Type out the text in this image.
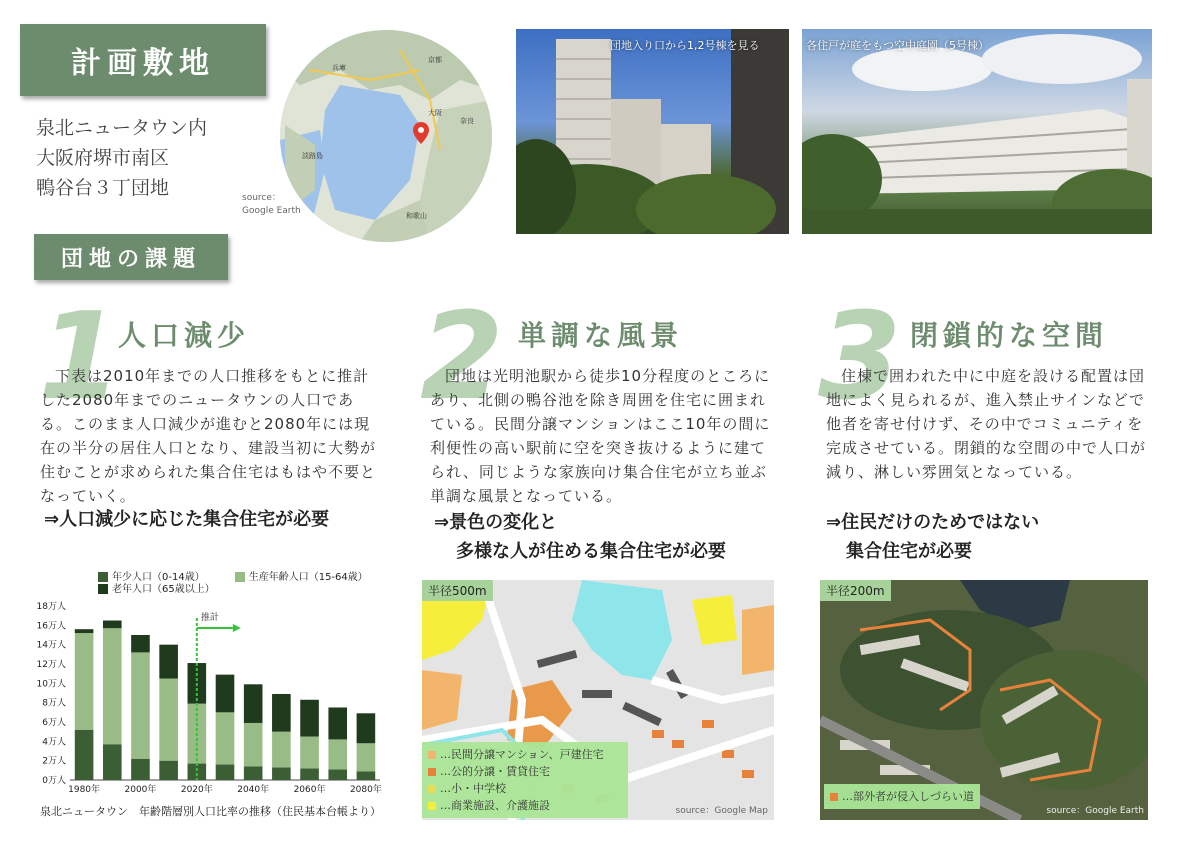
計画敷地
泉北ニュータウン内
大阪府堺市南区
鴨谷台３丁団地
兵庫
京都
大阪
奈良
淡路島
和歌山
source：
Google Earth
団地入り口から1,2号棟を見る	各住戸が庭をもつ空中庭園（5号棟）
団地の課題
1
人口減少
下表は2010年までの人口推移をもとに推計した2080年までのニュータウンの人口である。このまま人口減少が進むと2080年には現在の半分の居住人口となり、建設当初に大勢が住むことが求められた集合住宅はもはや不要となっていく。
⇒人口減少に応じた集合住宅が必要
2 単調な風景
団地は光明池駅から徒歩10分程度のところにあり、北側の鴨谷池を除き周囲を住宅に囲まれている。民間分譲マンションはここ10年の間に利便性の高い駅前に空を突き抜けるように建てられ、同じような家族向け集合住宅が立ち並ぶ単調な風景となっている。
⇒景色の変化と
多様な人が住める集合住宅が必要
3 閉鎖的な空間
住棟で囲われた中に中庭を設ける配置は団地によく見られるが、進入禁止サインなどで他者を寄せ付けず、その中でコミュニティを完成させている。閉鎖的な空間の中で人口が減り、淋しい雰囲気となっている。
⇒住民だけのためではない
集合住宅が必要
年少人口（0-14歳）	生産年齢人口（15-64歳）
老年人口（65歳以上）
0万人
2万人
4万人
6万人
8万人
10万人
12万人
14万人
16万人
18万人
1980年	2000年	2020年	2040年	2060年	2080年
推計
泉北ニュータウン　年齢階層別人口比率の推移（住民基本台帳より）
半径500m
…民間分譲マンション、戸建住宅
…公的分譲・賃貸住宅
…小・中学校
…商業施設、介護施設	source：Google Map
半径200m
…部外者が侵入しづらい道
source：Google Earth
